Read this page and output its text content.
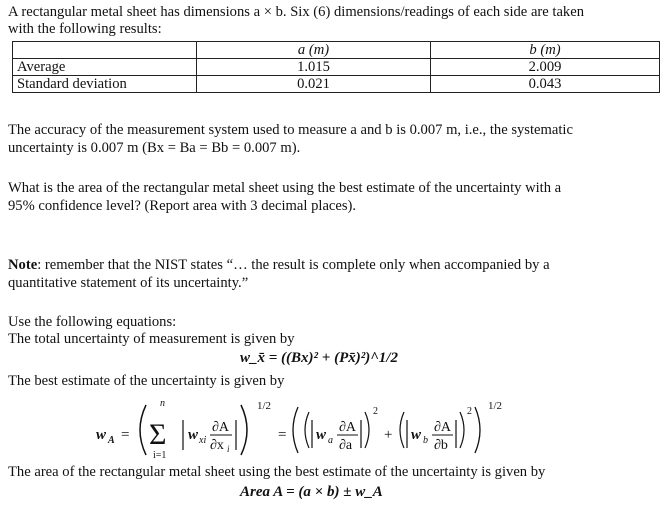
A rectangular metal sheet has dimensions a × b. Six (6) dimensions/readings of each side are taken
with the following results:
	a (m)	b (m)
Average	1.015	2.009
Standard deviation	0.021	0.043
The accuracy of the measurement system used to measure a and b is 0.007 m, i.e., the systematic
uncertainty is 0.007 m (Bx = Ba = Bb = 0.007 m).
What is the area of the rectangular metal sheet using the best estimate of the uncertainty with a
95% confidence level? (Report area with 3 decimal places).
Note: remember that the NIST states “… the result is complete only when accompanied by a
quantitative statement of its uncertainty.”
Use the following equations:
The total uncertainty of measurement is given by
w_x̄ = ((Bx)² + (Px̄)²)^1/2
The best estimate of the uncertainty is given by
w A =
n
Σ
i=1
w xi
∂A
∂x i
1/2
= w a
∂A
∂a
2
+ w b
∂A
∂b
2 1/2
The area of the rectangular metal sheet using the best estimate of the uncertainty is given by
Area A = (a × b) ± w_A
